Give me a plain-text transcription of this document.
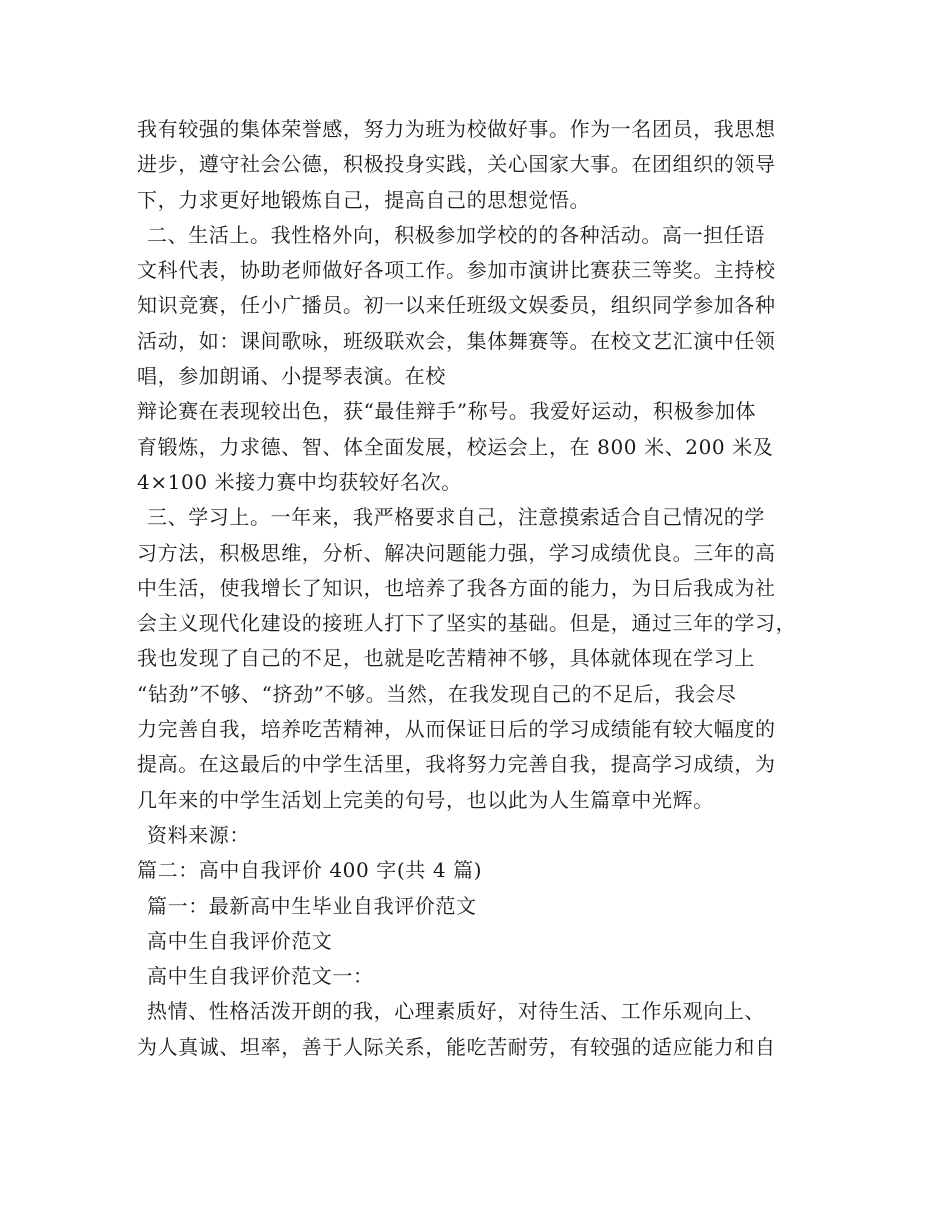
我有较强的集体荣誉感，努力为班为校做好事。作为一名团员，我思想
进步，遵守社会公德，积极投身实践，关心国家大事。在团组织的领导
下，力求更好地锻炼自己，提高自己的思想觉悟。
二、生活上。我性格外向，积极参加学校的的各种活动。高一担任语
文科代表，协助老师做好各项工作。参加市演讲比赛获三等奖。主持校
知识竞赛，任小广播员。初一以来任班级文娱委员，组织同学参加各种
活动，如：课间歌咏，班级联欢会，集体舞赛等。在校文艺汇演中任领
唱，参加朗诵、小提琴表演。在校
辩论赛在表现较出色，获“最佳辩手”称号。我爱好运动，积极参加体
育锻炼，力求德、智、体全面发展，校运会上，在 800 米、200 米及
4×100 米接力赛中均获较好名次。
三、学习上。一年来，我严格要求自己，注意摸索适合自己情况的学
习方法，积极思维，分析、解决问题能力强，学习成绩优良。三年的高
中生活，使我增长了知识，也培养了我各方面的能力，为日后我成为社
会主义现代化建设的接班人打下了坚实的基础。但是，通过三年的学习，
我也发现了自己的不足，也就是吃苦精神不够，具体就体现在学习上
“钻劲”不够、“挤劲”不够。当然，在我发现自己的不足后，我会尽
力完善自我，培养吃苦精神，从而保证日后的学习成绩能有较大幅度的
提高。在这最后的中学生活里，我将努力完善自我，提高学习成绩，为
几年来的中学生活划上完美的句号，也以此为人生篇章中光辉。
资料来源：
篇二：高中自我评价 400 字(共 4 篇)
篇一：最新高中生毕业自我评价范文
高中生自我评价范文
高中生自我评价范文一：
热情、性格活泼开朗的我，心理素质好，对待生活、工作乐观向上、
为人真诚、坦率，善于人际关系，能吃苦耐劳，有较强的适应能力和自
